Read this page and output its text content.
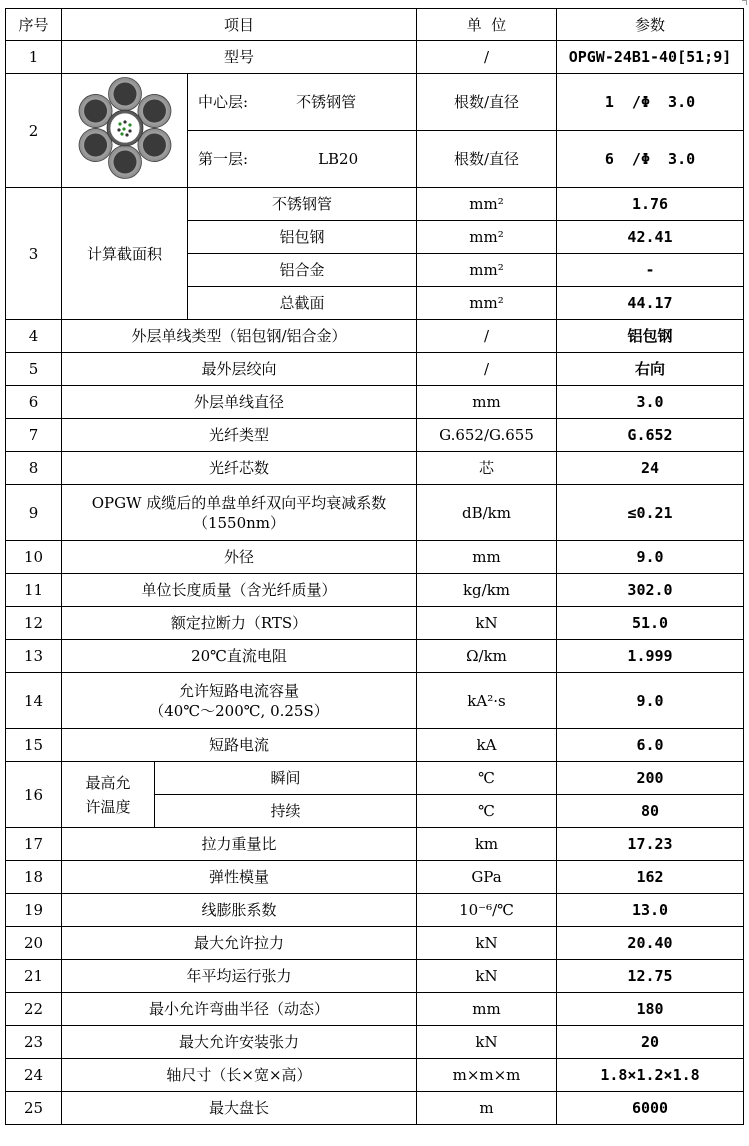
序号	项目			单  位	参数
1	型号			/	OPGW-24B1-40[51;9]
2			中心层: 不锈钢管	根数/直径	1  /Φ  3.0
			第一层: LB20	根数/直径	6  /Φ  3.0
3	计算截面积		不锈钢管	mm²	1.76
			铝包钢	mm²	42.41
			铝合金	mm²	-
			总截面	mm²	44.17
4	外层单线类型（铝包钢/铝合金）			/	铝包钢
5	最外层绞向			/	右向
6	外层单线直径			mm	3.0
7	光纤类型			G.652/G.655	G.652
8	光纤芯数			芯	24
9	OPGW 成缆后的单盘单纤双向平均衰减系数
（1550nm）			dB/km	≤0.21
10	外径			mm	9.0
11	单位长度质量（含光纤质量）			kg/km	302.0
12	额定拉断力（RTS）			kN	51.0
13	20℃直流电阻			Ω/km	1.999
14	允许短路电流容量
（40℃～200℃, 0.25S）			kA²·s	9.0
15	短路电流			kA	6.0
16	最高允
许温度	瞬间		℃	200
		持续		℃	80
17	拉力重量比			km	17.23
18	弹性模量			GPa	162
19	线膨胀系数			10⁻⁶/℃	13.0
20	最大允许拉力			kN	20.40
21	年平均运行张力			kN	12.75
22	最小允许弯曲半径（动态）			mm	180
23	最大允许安装张力			kN	20
24	轴尺寸（长×宽×高）			m×m×m	1.8×1.2×1.8
25	最大盘长			m	6000
